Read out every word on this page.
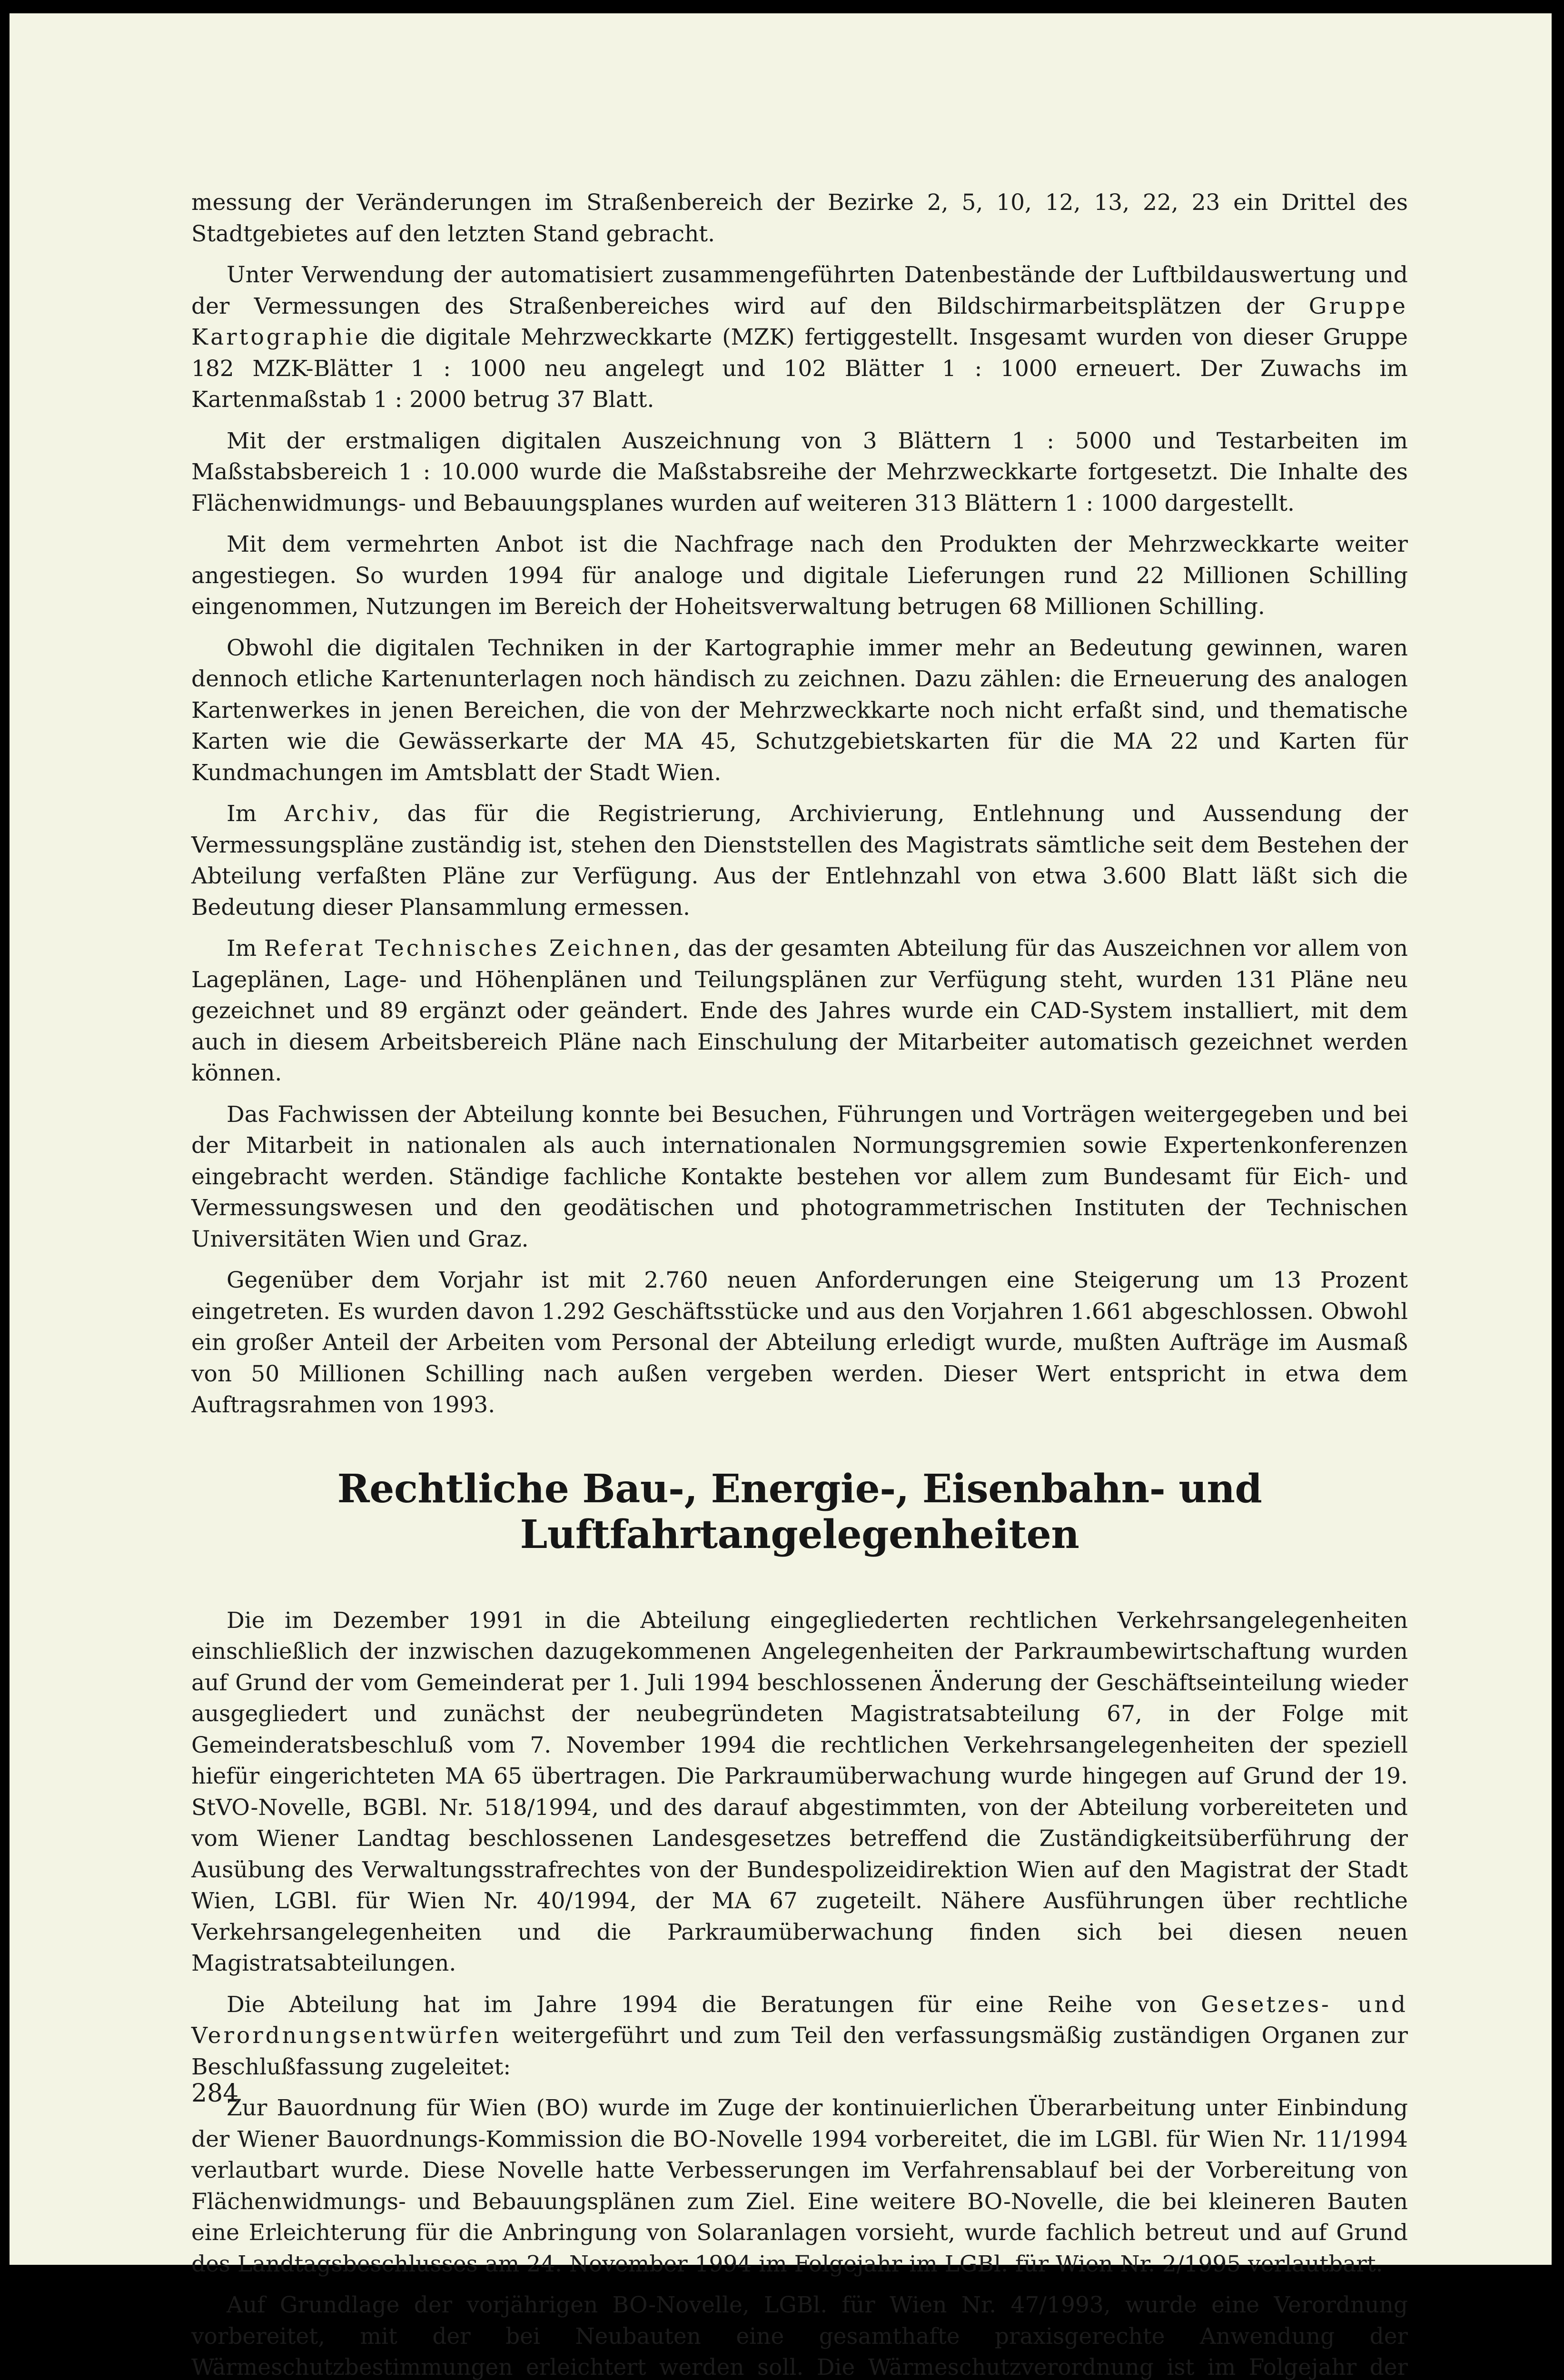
messung der Veränderungen im Straßenbereich der Bezirke 2, 5, 10, 12, 13, 22, 23 ein Drittel des Stadtgebietes auf den letzten Stand gebracht.

Unter Verwendung der automatisiert zusammengeführten Datenbestände der Luftbildauswertung und der Vermessungen des Straßenbereiches wird auf den Bildschirmarbeitsplätzen der Gruppe Kartographie die digitale Mehrzweckkarte (MZK) fertiggestellt. Insgesamt wurden von dieser Gruppe 182 MZK-Blätter 1 : 1000 neu angelegt und 102 Blätter 1 : 1000 erneuert. Der Zuwachs im Kartenmaßstab 1 : 2000 betrug 37 Blatt.

Mit der erstmaligen digitalen Auszeichnung von 3 Blättern 1 : 5000 und Testarbeiten im Maßstabsbereich 1 : 10.000 wurde die Maßstabsreihe der Mehrzweckkarte fortgesetzt. Die Inhalte des Flächenwidmungs- und Bebauungsplanes wurden auf weiteren 313 Blättern 1 : 1000 dargestellt.

Mit dem vermehrten Anbot ist die Nachfrage nach den Produkten der Mehrzweckkarte weiter angestiegen. So wurden 1994 für analoge und digitale Lieferungen rund 22 Millionen Schilling eingenommen, Nutzungen im Bereich der Hoheitsverwaltung betrugen 68 Millionen Schilling.

Obwohl die digitalen Techniken in der Kartographie immer mehr an Bedeutung gewinnen, waren dennoch etliche Kartenunterlagen noch händisch zu zeichnen. Dazu zählen: die Erneuerung des analogen Kartenwerkes in jenen Bereichen, die von der Mehrzweckkarte noch nicht erfaßt sind, und thematische Karten wie die Gewässerkarte der MA 45, Schutzgebietskarten für die MA 22 und Karten für Kundmachungen im Amtsblatt der Stadt Wien.

Im Archiv, das für die Registrierung, Archivierung, Entlehnung und Aussendung der Vermessungspläne zuständig ist, stehen den Dienststellen des Magistrats sämtliche seit dem Bestehen der Abteilung verfaßten Pläne zur Verfügung. Aus der Entlehnzahl von etwa 3.600 Blatt läßt sich die Bedeutung dieser Plansammlung ermessen.

Im Referat Technisches Zeichnen, das der gesamten Abteilung für das Auszeichnen vor allem von Lageplänen, Lage- und Höhenplänen und Teilungsplänen zur Verfügung steht, wurden 131 Pläne neu gezeichnet und 89 ergänzt oder geändert. Ende des Jahres wurde ein CAD-System installiert, mit dem auch in diesem Arbeitsbereich Pläne nach Einschulung der Mitarbeiter automatisch gezeichnet werden können.

Das Fachwissen der Abteilung konnte bei Besuchen, Führungen und Vorträgen weitergegeben und bei der Mitarbeit in nationalen als auch internationalen Normungsgremien sowie Expertenkonferenzen eingebracht werden. Ständige fachliche Kontakte bestehen vor allem zum Bundesamt für Eich- und Vermessungswesen und den geodätischen und photogrammetrischen Instituten der Technischen Universitäten Wien und Graz.

Gegenüber dem Vorjahr ist mit 2.760 neuen Anforderungen eine Steigerung um 13 Prozent eingetreten. Es wurden davon 1.292 Geschäftsstücke und aus den Vorjahren 1.661 abgeschlossen. Obwohl ein großer Anteil der Arbeiten vom Personal der Abteilung erledigt wurde, mußten Aufträge im Ausmaß von 50 Millionen Schilling nach außen vergeben werden. Dieser Wert entspricht in etwa dem Auftragsrahmen von 1993.

Rechtliche Bau-, Energie-, Eisenbahn- und Luftfahrtangelegenheiten

Die im Dezember 1991 in die Abteilung eingegliederten rechtlichen Verkehrsangelegenheiten einschließlich der inzwischen dazugekommenen Angelegenheiten der Parkraumbewirtschaftung wurden auf Grund der vom Gemeinderat per 1. Juli 1994 beschlossenen Änderung der Geschäftseinteilung wieder ausgegliedert und zunächst der neubegründeten Magistratsabteilung 67, in der Folge mit Gemeinderatsbeschluß vom 7. November 1994 die rechtlichen Verkehrsangelegenheiten der speziell hiefür eingerichteten MA 65 übertragen. Die Parkraumüberwachung wurde hingegen auf Grund der 19. StVO-Novelle, BGBl. Nr. 518/1994, und des darauf abgestimmten, von der Abteilung vorbereiteten und vom Wiener Landtag beschlossenen Landesgesetzes betreffend die Zuständigkeitsüberführung der Ausübung des Verwaltungsstrafrechtes von der Bundespolizeidirektion Wien auf den Magistrat der Stadt Wien, LGBl. für Wien Nr. 40/1994, der MA 67 zugeteilt. Nähere Ausführungen über rechtliche Verkehrsangelegenheiten und die Parkraumüberwachung finden sich bei diesen neuen Magistratsabteilungen.

Die Abteilung hat im Jahre 1994 die Beratungen für eine Reihe von Gesetzes- und Verordnungsentwürfen weitergeführt und zum Teil den verfassungsmäßig zuständigen Organen zur Beschlußfassung zugeleitet:

Zur Bauordnung für Wien (BO) wurde im Zuge der kontinuierlichen Überarbeitung unter Einbindung der Wiener Bauordnungs-Kommission die BO-Novelle 1994 vorbereitet, die im LGBl. für Wien Nr. 11/1994 verlautbart wurde. Diese Novelle hatte Verbesserungen im Verfahrensablauf bei der Vorbereitung von Flächenwidmungs- und Bebauungsplänen zum Ziel. Eine weitere BO-Novelle, die bei kleineren Bauten eine Erleichterung für die Anbringung von Solaranlagen vorsieht, wurde fachlich betreut und auf Grund des Landtagsbeschlusses am 24. November 1994 im Folgejahr im LGBl. für Wien Nr. 2/1995 verlautbart.

Auf Grundlage der vorjährigen BO-Novelle, LGBl. für Wien Nr. 47/1993, wurde eine Verordnung vorbereitet, mit der bei Neubauten eine gesamthafte praxisgerechte Anwendung der Wärmeschutzbestimmungen erleichtert werden soll. Die Wärmeschutzverordnung ist im Folgejahr der

284
